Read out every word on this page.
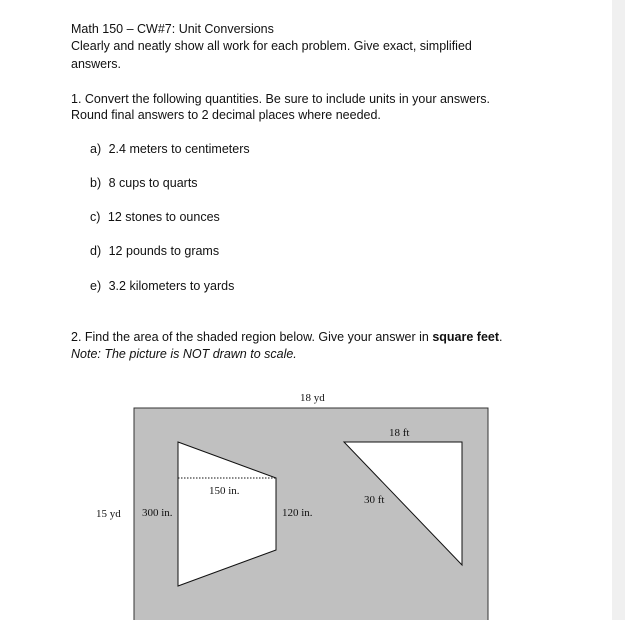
Math 150 – CW#7: Unit Conversions
Clearly and neatly show all work for each problem. Give exact, simplified
answers.
1. Convert the following quantities. Be sure to include units in your answers.
Round final answers to 2 decimal places where needed.
a) 2.4 meters to centimeters
b) 8 cups to quarts
c) 12 stones to ounces
d) 12 pounds to grams
e) 3.2 kilometers to yards
2. Find the area of the shaded region below. Give your answer in square feet.
Note: The picture is NOT drawn to scale.
18 yd
15 yd
150 in.
300 in.	120 in.
18 ft
30 ft
